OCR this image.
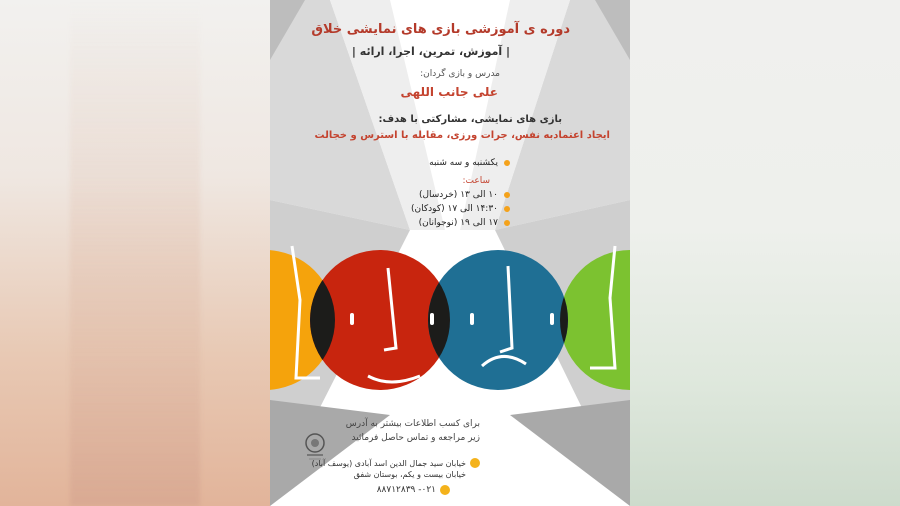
دوره ی آموزشی بازی های نمایشی خلاق
| آموزش، تمرین، اجرا، ارائه |
مدرس و بازی گردان:
علی جانب اللهی
بازی های نمایشی، مشارکتی با هدف:
ایجاد اعتمادبه نفس، جرات ورزی، مقابله با استرس و خجالت
یکشنبه و سه شنبه
ساعت:
۱۰ الی ۱۳ (خردسال)
۱۴:۳۰ الی ۱۷ (کودکان)
۱۷ الی ۱۹ (نوجوانان)
برای کسب اطلاعات بیشتر به آدرس
زیر مراجعه و تماس حاصل فرمائید
خیابان سید جمال الدین اسد آبادی (یوسف آباد)
خیابان بیست و یکم، بوستان شفق
۰۲۱- ۸۸۷۱۲۸۳۹
